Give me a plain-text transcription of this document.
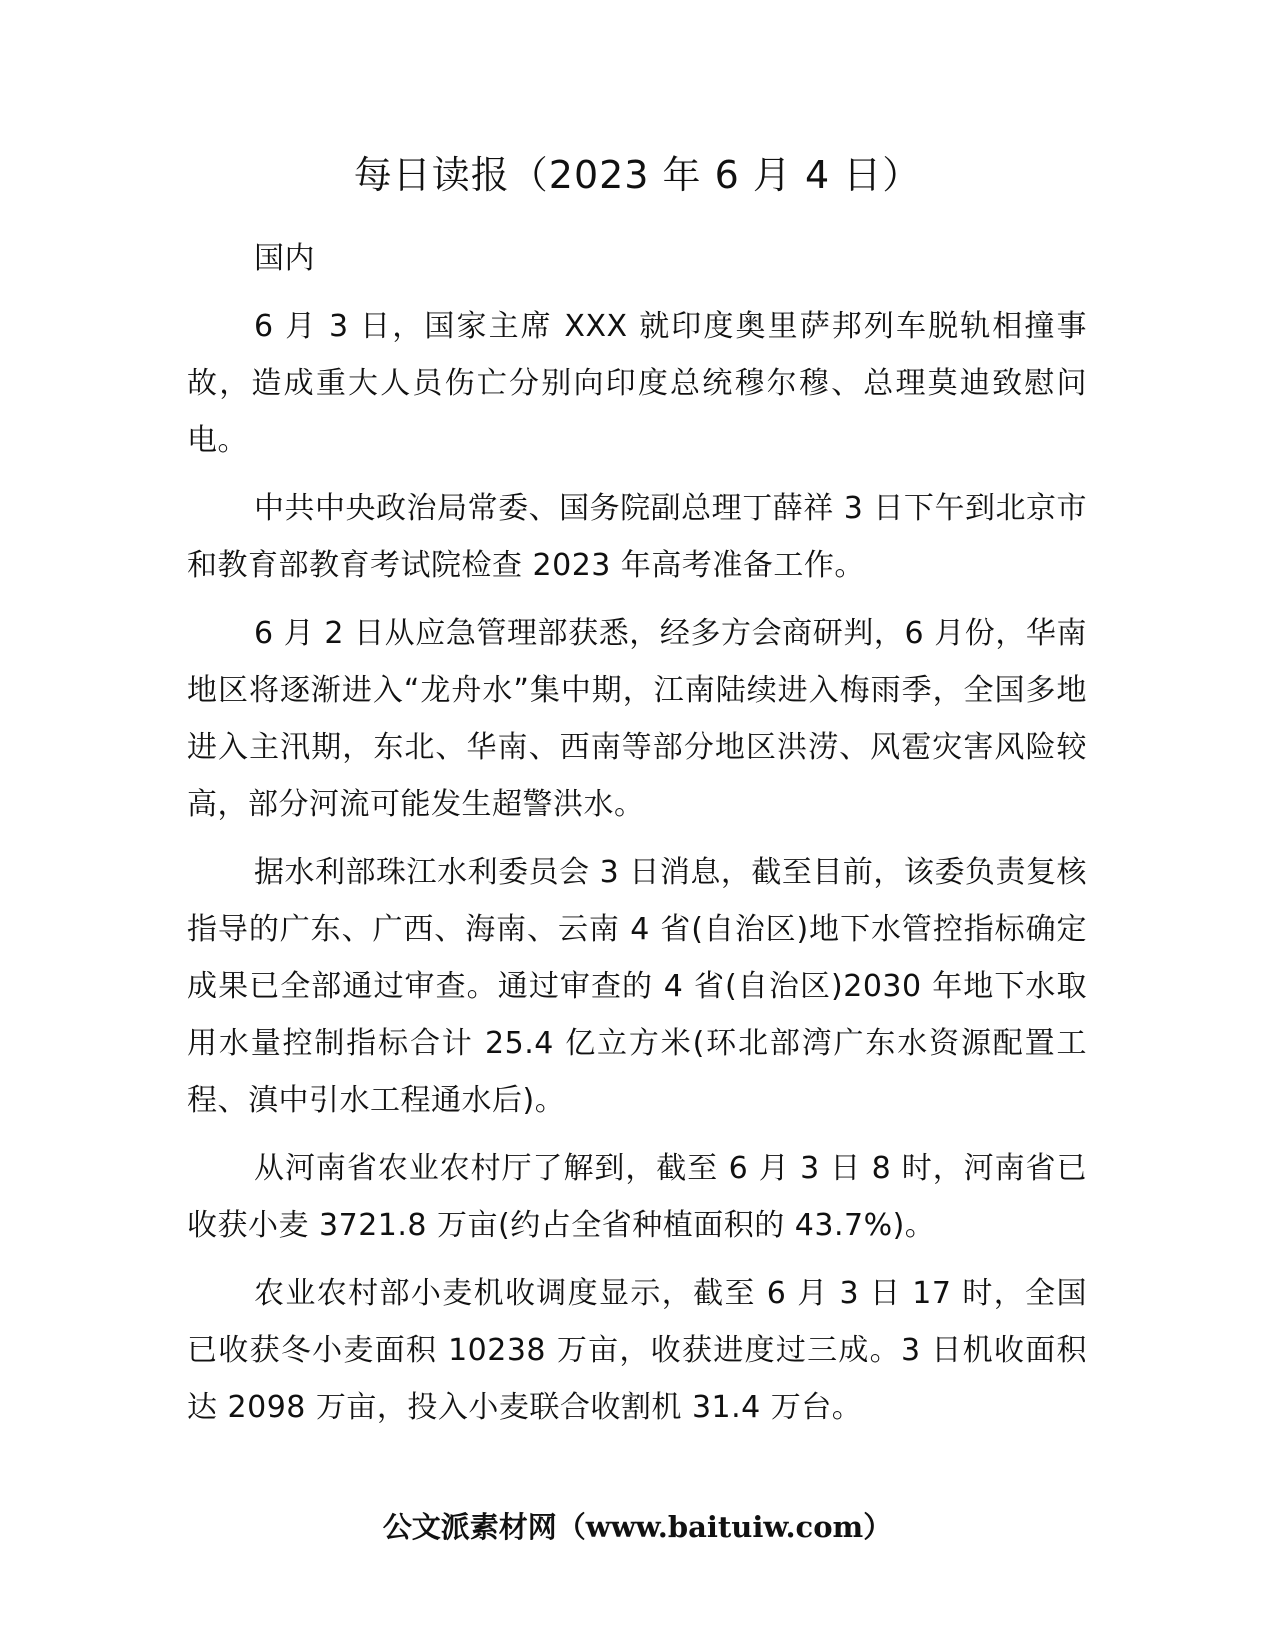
每日读报（2023 年 6 月 4 日）

国内

6 月 3 日，国家主席 XXX 就印度奥里萨邦列车脱轨相撞事故，造成重大人员伤亡分别向印度总统穆尔穆、总理莫迪致慰问电。

中共中央政治局常委、国务院副总理丁薛祥 3 日下午到北京市和教育部教育考试院检查 2023 年高考准备工作。

6 月 2 日从应急管理部获悉，经多方会商研判，6 月份，华南地区将逐渐进入“龙舟水”集中期，江南陆续进入梅雨季，全国多地进入主汛期，东北、华南、西南等部分地区洪涝、风雹灾害风险较高，部分河流可能发生超警洪水。

据水利部珠江水利委员会 3 日消息，截至目前，该委负责复核指导的广东、广西、海南、云南 4 省(自治区)地下水管控指标确定成果已全部通过审查。通过审查的 4 省(自治区)2030 年地下水取用水量控制指标合计 25.4 亿立方米(环北部湾广东水资源配置工程、滇中引水工程通水后)。

从河南省农业农村厅了解到，截至 6 月 3 日 8 时，河南省已收获小麦 3721.8 万亩(约占全省种植面积的 43.7%)。

农业农村部小麦机收调度显示，截至 6 月 3 日 17 时，全国已收获冬小麦面积 10238 万亩，收获进度过三成。3 日机收面积达 2098 万亩，投入小麦联合收割机 31.4 万台。

公文派素材网（www.baituiw.com）
